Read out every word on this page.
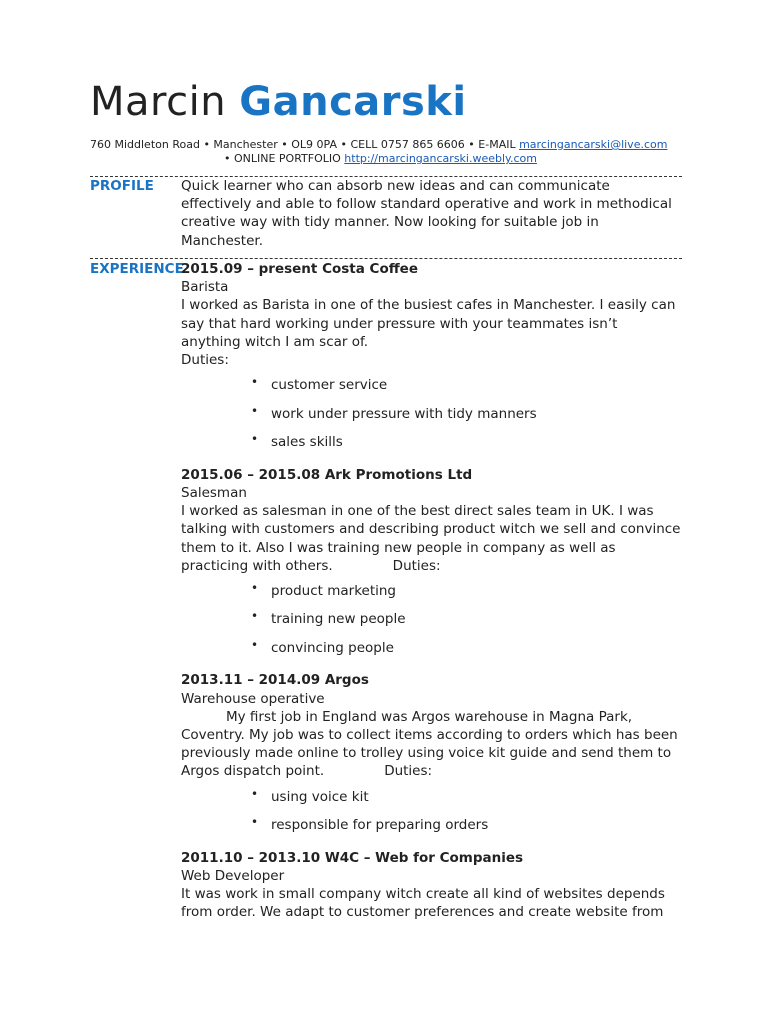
Marcin Gancarski
760 Middleton Road • Manchester • OL9 0PA • CELL 0757 865 6606 • E-MAIL marcingancarski@live.com
• ONLINE PORTFOLIO http://marcingancarski.weebly.com
PROFILE Quick learner who can absorb new ideas and can communicate effectively and able to follow standard operative and work in methodical creative way with tidy manner. Now looking for suitable job in Manchester.

EXPERIENCE

2015.09 – present Costa Coffee

Barista

I worked as Barista in one of the busiest cafes in Manchester. I easily can say that hard working under pressure with your teammates isn’t anything witch I am scar of.

Duties:

• customer service
• work under pressure with tidy manners
• sales skills

2015.06 – 2015.08 Ark Promotions Ltd

Salesman

I worked as salesman in one of the best direct sales team in UK. I was talking with customers and describing product witch we sell and convince them to it. Also I was training new people in company as well as practicing with others.	Duties:

• product marketing
• training new people
• convincing people

2013.11 – 2014.09 Argos

Warehouse operative

My first job in England was Argos warehouse in Magna Park, Coventry. My job was to collect items according to orders which has been previously made online to trolley using voice kit guide and send them to Argos dispatch point.	Duties:

• using voice kit
• responsible for preparing orders

2011.10 – 2013.10 W4C – Web for Companies

Web Developer

It was work in small company witch create all kind of websites depends from order. We adapt to customer preferences and create website from
